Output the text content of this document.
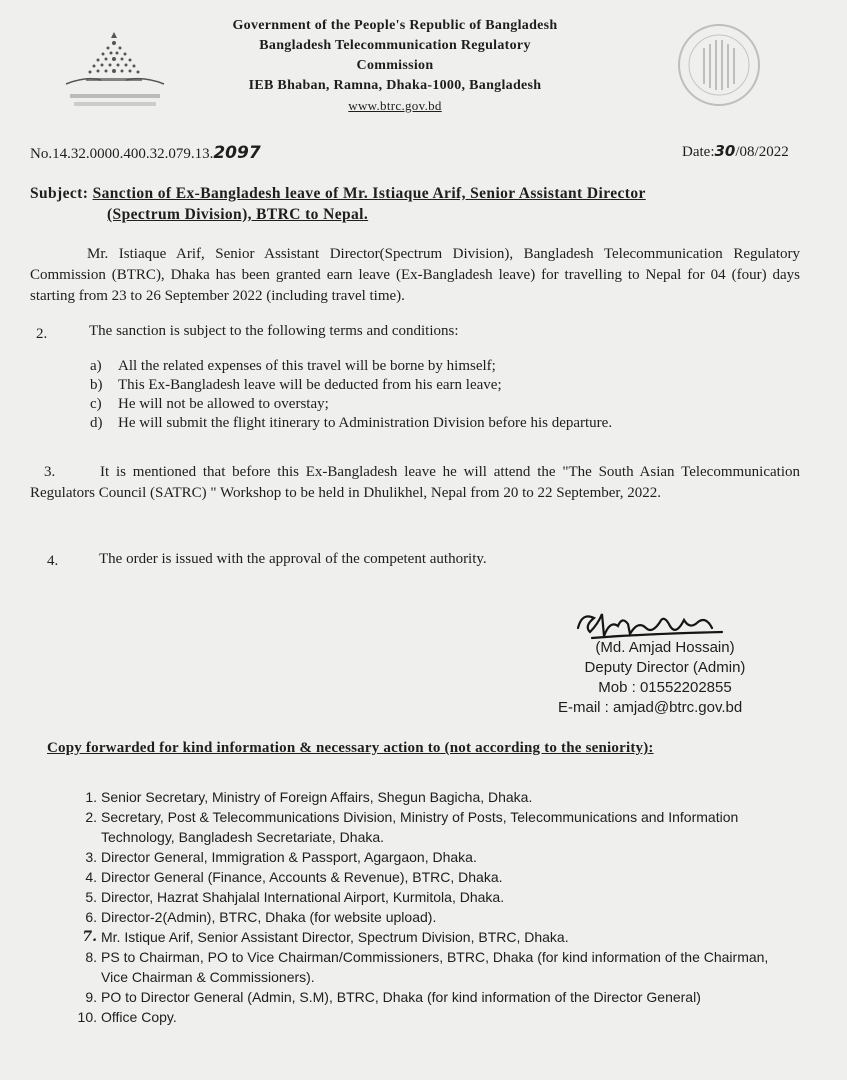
Government of the People's Republic of Bangladesh
Bangladesh Telecommunication Regulatory
Commission
IEB Bhaban, Ramna, Dhaka-1000, Bangladesh
www.btrc.gov.bd
No.14.32.0000.400.32.079.13.2097	Date:30/08/2022
Subject: Sanction of Ex-Bangladesh leave of Mr. Istiaque Arif, Senior Assistant Director
(Spectrum Division), BTRC to Nepal.
Mr. Istiaque Arif, Senior Assistant Director(Spectrum Division), Bangladesh Telecommunication Regulatory Commission (BTRC), Dhaka has been granted earn leave (Ex-Bangladesh leave) for travelling to Nepal for 04 (four) days starting from 23 to 26 September 2022 (including travel time).
2.	The sanction is subject to the following terms and conditions:
a)	All the related expenses of this travel will be borne by himself;
b)	This Ex-Bangladesh leave will be deducted from his earn leave;
c)	He will not be allowed to overstay;
d)	He will submit the flight itinerary to Administration Division before his departure.
3.	It is mentioned that before this Ex-Bangladesh leave he will attend the "The South Asian Telecommunication Regulators Council (SATRC) " Workshop to be held in Dhulikhel, Nepal from 20 to 22 September, 2022.
4.	The order is issued with the approval of the competent authority.
(Md. Amjad Hossain)
Deputy Director (Admin)
Mob : 01552202855
E-mail : amjad@btrc.gov.bd
Copy forwarded for kind information & necessary action to (not according to the seniority):
1. Senior Secretary, Ministry of Foreign Affairs, Shegun Bagicha, Dhaka.
2. Secretary, Post & Telecommunications Division, Ministry of Posts, Telecommunications and Information Technology, Bangladesh Secretariate, Dhaka.
3. Director General, Immigration & Passport, Agargaon, Dhaka.
4. Director General (Finance, Accounts & Revenue), BTRC, Dhaka.
5. Director, Hazrat Shahjalal International Airport, Kurmitola, Dhaka.
6. Director-2(Admin), BTRC, Dhaka (for website upload).
7. Mr. Istique Arif, Senior Assistant Director, Spectrum Division, BTRC, Dhaka.
8. PS to Chairman, PO to Vice Chairman/Commissioners, BTRC, Dhaka (for kind information of the Chairman, Vice Chairman & Commissioners).
9. PO to Director General (Admin, S.M), BTRC, Dhaka (for kind information of the Director General)
10. Office Copy.
